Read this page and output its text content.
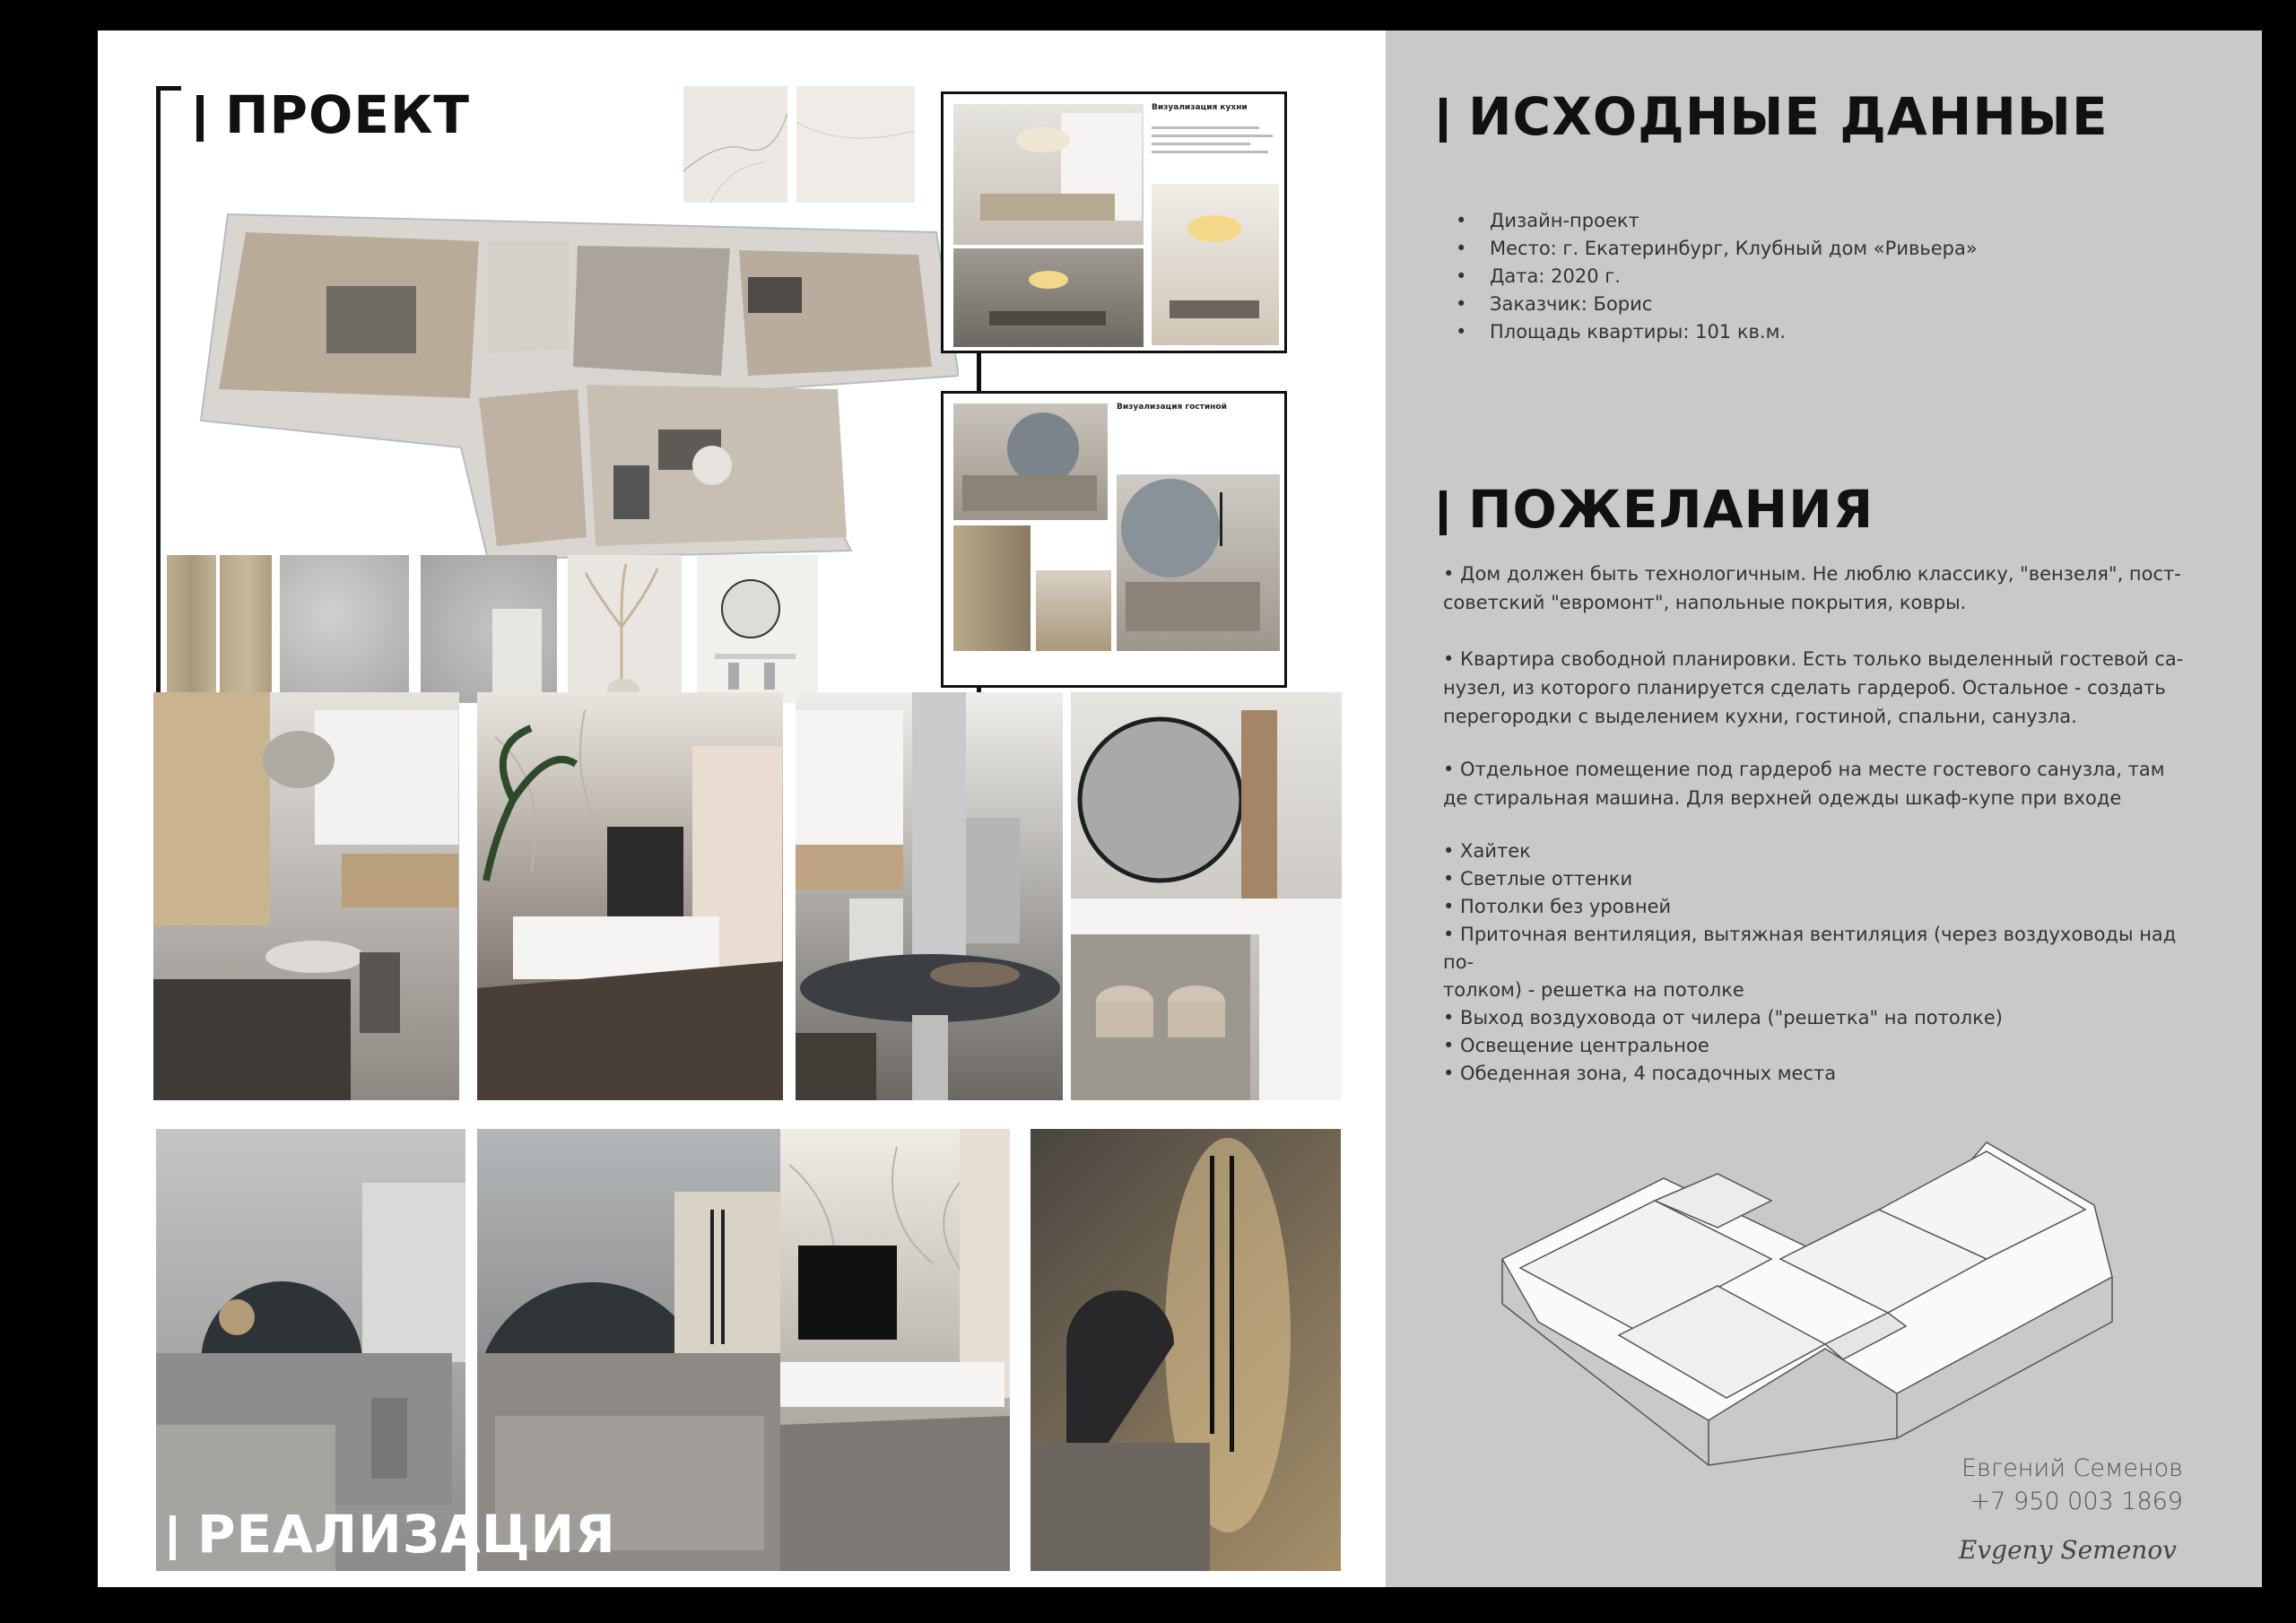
ПРОЕКТ	Визуализация кухни
Визуализация гостиной
РЕАЛИЗАЦИЯ
ИСХОДНЫЕ ДАННЫЕ
• Дизайн-проект
• Место: г. Екатеринбург, Клубный дом «Ривьера»
• Дата: 2020 г.
• Заказчик: Борис
• Площадь квартиры: 101 кв.м.
ПОЖЕЛАНИЯ
• Дом должен быть технологичным. Не люблю классику, "вензеля", пост-
советский "евромонт", напольные покрытия, ковры.
• Квартира свободной планировки. Есть только выделенный гостевой са-
нузел, из которого планируется сделать гардероб. Остальное - создать
перегородки с выделением кухни, гостиной, спальни, санузла.
• Отдельное помещение под гардероб на месте гостевого санузла, там
де стиральная машина. Для верхней одежды шкаф-купе при входе
• Хайтек
• Светлые оттенки
• Потолки без уровней
• Приточная вентиляция, вытяжная вентиляция (через воздуховоды над по-
толком) - решетка на потолке
• Выход воздуховода от чилера ("решетка" на потолке)
• Освещение центральное
• Обеденная зона, 4 посадочных места
Евгений Семенов
+7 950 003 1869
Evgeny Semenov
